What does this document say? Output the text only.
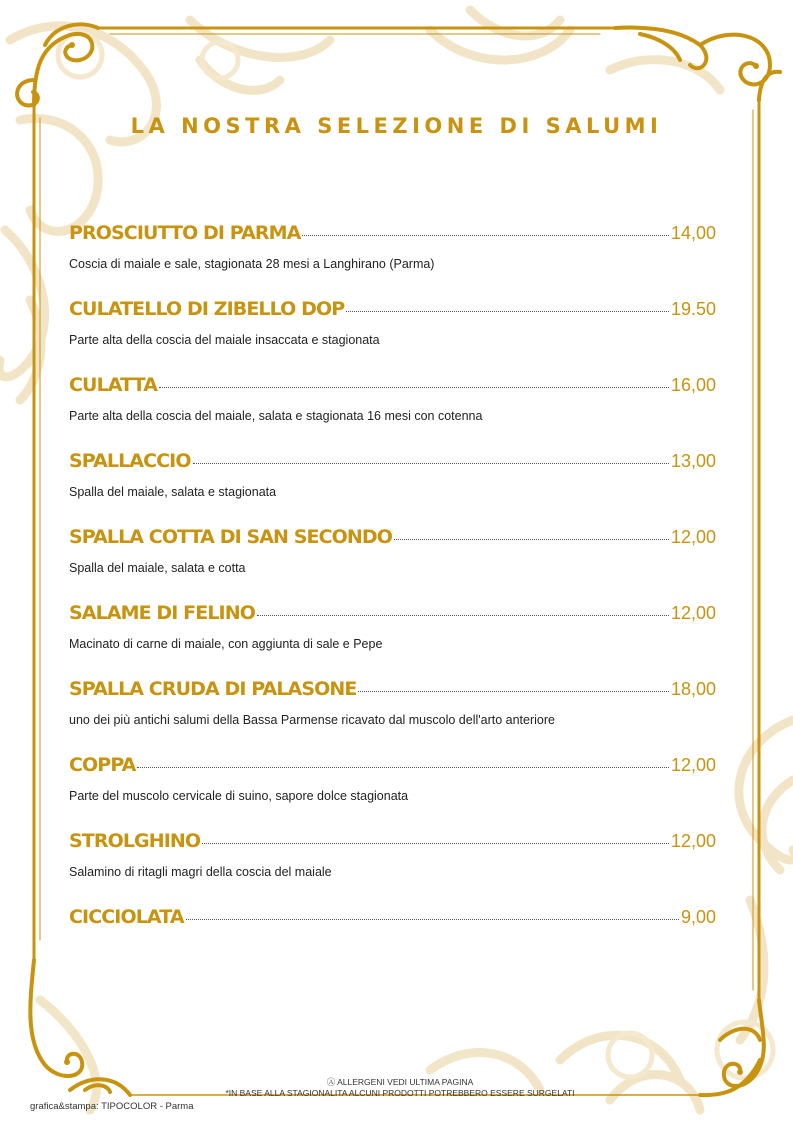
LA NOSTRA SELEZIONE DI SALUMI
PROSCIUTTO DI PARMA	14,00
Coscia di maiale e sale, stagionata 28 mesi a Langhirano (Parma)
CULATELLO DI ZIBELLO DOP	19.50
Parte alta della coscia del maiale insaccata e stagionata
CULATTA	16,00
Parte alta della coscia del maiale, salata e stagionata 16 mesi con cotenna
SPALLACCIO	13,00
Spalla del maiale, salata e stagionata
SPALLA COTTA DI SAN SECONDO	12,00
Spalla del maiale, salata e cotta
SALAME DI FELINO	12,00
Macinato di carne di maiale, con aggiunta di sale e Pepe
SPALLA CRUDA DI PALASONE	18,00
uno dei più antichi salumi della Bassa Parmense ricavato dal muscolo dell'arto anteriore
COPPA	12,00
Parte del muscolo cervicale di suino, sapore dolce stagionata
STROLGHINO	12,00
Salamino di ritagli magri della coscia del maiale
CICCIOLATA	9,00
Ⓐ ALLERGENI VEDI ULTIMA PAGINA
*IN BASE ALLA STAGIONALITA ALCUNI PRODOTTI POTREBBERO ESSERE SURGELATI
grafica&stampa: TIPOCOLOR - Parma
